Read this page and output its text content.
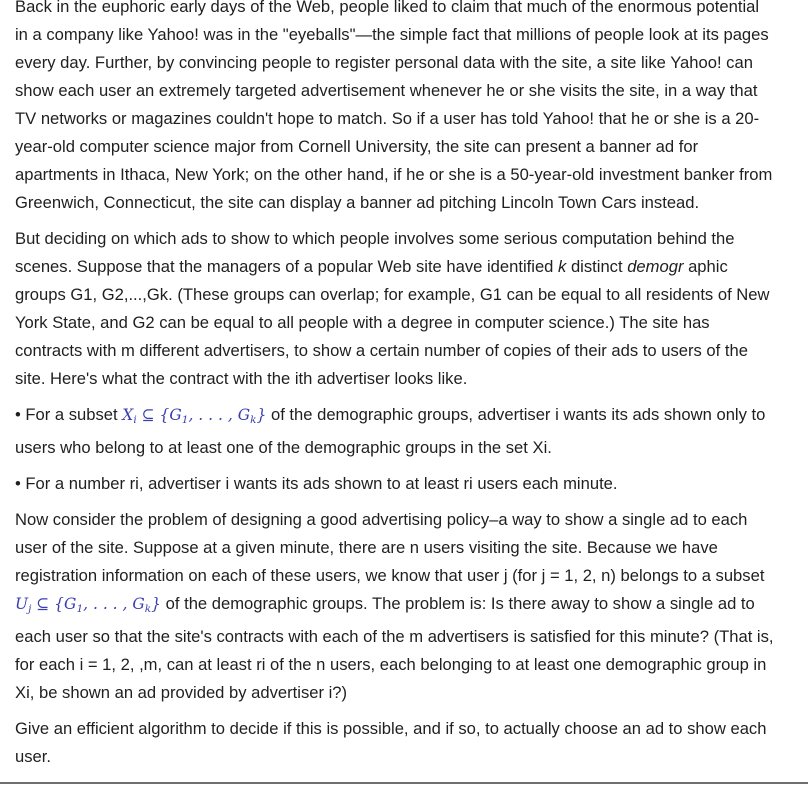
Back in the euphoric early days of the Web, people liked to claim that much of the enormous potential in a company like Yahoo! was in the "eyeballs"—the simple fact that millions of people look at its pages every day. Further, by convincing people to register personal data with the site, a site like Yahoo! can show each user an extremely targeted advertisement whenever he or she visits the site, in a way that TV networks or magazines couldn't hope to match. So if a user has told Yahoo! that he or she is a 20-year-old computer science major from Cornell University, the site can present a banner ad for apartments in Ithaca, New York; on the other hand, if he or she is a 50-year-old investment banker from Greenwich, Connecticut, the site can display a banner ad pitching Lincoln Town Cars instead.

But deciding on which ads to show to which people involves some serious computation behind the scenes. Suppose that the managers of a popular Web site have identified k distinct demogr aphic groups G1, G2,...,Gk. (These groups can overlap; for example, G1 can be equal to all residents of New York State, and G2 can be equal to all people with a degree in computer science.) The site has contracts with m different advertisers, to show a certain number of copies of their ads to users of the site. Here's what the contract with the ith advertiser looks like.

• For a subset $X_i$ ⊆ {$G_1$, . . . , $G_k$} of the demographic groups, advertiser i wants its ads shown only to users who belong to at least one of the demographic groups in the set Xi.

• For a number ri, advertiser i wants its ads shown to at least ri users each minute.

Now consider the problem of designing a good advertising policy–a way to show a single ad to each user of the site. Suppose at a given minute, there are n users visiting the site. Because we have registration information on each of these users, we know that user j (for j = 1, 2, n) belongs to a subset $U_j$ ⊆ {$G_1$, . . . , $G_k$} of the demographic groups. The problem is: Is there away to show a single ad to each user so that the site's contracts with each of the m advertisers is satisfied for this minute? (That is, for each i = 1, 2, ,m, can at least ri of the n users, each belonging to at least one demographic group in Xi, be shown an ad provided by advertiser i?)

Give an efficient algorithm to decide if this is possible, and if so, to actually choose an ad to show each user.
